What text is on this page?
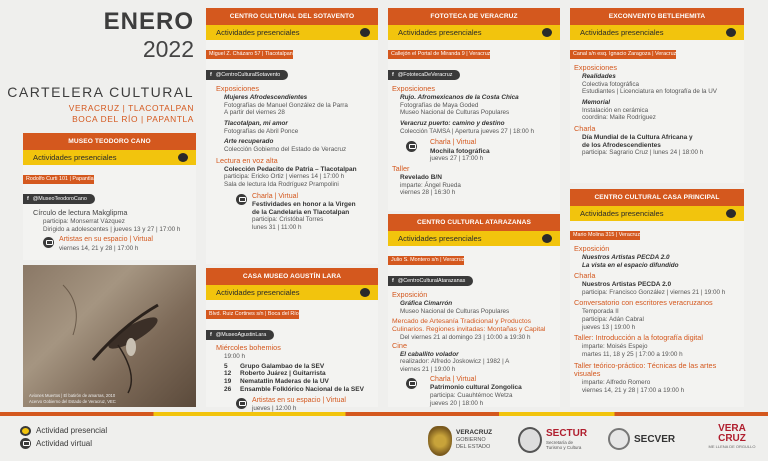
ENERO
2022
CARTELERA CULTURAL
VERACRUZ | TLACOTALPAN
BOCA DEL RÍO | PAPANTLA
MUSEO TEODORO CANO
Actividades presenciales
Rodolfo Curti 101 | Papantla
f @MuseoTeodoroCano
Círculo de lectura Makglipma
participa: Monserrat Vázquez
Dirigido a adolescentes | jueves 13 y 27 | 17:00 h
Artistas en su espacio | Virtual
viernes 14, 21 y 28 | 17:00 h
Aviones Muertos | El batirón de amarras, 2010
Acervo Gobierno del Estado de Veracruz, VEC
CENTRO CULTURAL DEL SOTAVENTO
Actividades presenciales
Miguel Z. Cházaro 57 | Tlacotalpan
f @CentroCulturalSotavento
Exposiciones
Mujeres Afrodescendientes
Fotografías de Manuel González de la Parra
A partir del viernes 28
Tlacotalpan, mi amor
Fotografías de Abril Ponce
Arte recuperado
Colección Gobierno del Estado de Veracruz
Lectura en voz alta
Colección Pedacito de Patria – Tlacotalpan
participa: Ericko Ortiz | viernes 14 | 17:00 h
Sala de lectura Ida Rodríguez Prampolini
Charla | Virtual
Festividades en honor a la Virgen
de la Candelaria en Tlacotalpan
participa: Cristóbal Torres
lunes 31 | 11:00 h
CASA MUSEO AGUSTÍN LARA
Actividades presenciales
Blvd. Ruiz Cortines s/n | Boca del Río
f @MuseoAgustinLara
Miércoles bohemios
19:00 h
5	Grupo Galambao de la SEV
12	Roberto Juárez | Guitarrista
19	Nematatlin Maderas de la UV
26	Ensamble Folklórico Nacional de la SEV
Artistas en su espacio | Virtual
jueves | 12:00 h
FOTOTECA DE VERACRUZ
Actividades presenciales
Callejón el Portal de Miranda 9 | Veracruz
f @FototecaDeVeracruz
Exposiciones
Rujo. Afromexicanos de la Costa Chica
Fotografías de Maya Goded
Museo Nacional de Culturas Populares
Veracruz puerto: camino y destino
Colección TAMSA | Apertura jueves 27 | 18:00 h
Charla | Virtual
Mochila fotográfica
jueves 27 | 17:00 h
Taller
Revelado B/N
imparte: Ángel Rueda
viernes 28 | 16:30 h
CENTRO CULTURAL ATARAZANAS
Actividades presenciales
Julio S. Montero s/n | Veracruz
f @CentroCulturalAtarazanas
Exposición
Gráfica Cimarrón
Museo Nacional de Culturas Populares
Mercado de Artesanía Tradicional y Productos
Culinarios. Regiones invitadas: Montañas y Capital
Del viernes 21 al domingo 23 | 10:00 a 19:30 h
Cine
El caballito volador
realizador: Alfredo Joskowicz | 1982 | A
viernes 21 | 19:00 h
Charla | Virtual
Patrimonio cultural Zongolica
participa: Cuauhtémoc Wetza
jueves 20 | 18:00 h
EXCONVENTO BETLEHEMITA
Actividades presenciales
Canal s/n esq. Ignacio Zaragoza | Veracruz
Exposiciones
Realidades
Colectiva fotográfica
Estudiantes | Licenciatura en fotografía de la UV
Memorial
Instalación en cerámica
coordina: Maite Rodríguez
Charla
Día Mundial de la Cultura Africana y
de los Afrodescendientes
participa: Sagrario Cruz | lunes 24 | 18:00 h
CENTRO CULTURAL CASA PRINCIPAL
Actividades presenciales
Mario Molina 315 | Veracruz
Exposición
Nuestros Artistas PECDA 2.0
La vista en el espacio difundido
Charla
Nuestros Artistas PECDA 2.0
participa: Francisco González | viernes 21 | 19:00 h
Conversatorio con escritores veracruzanos
Temporada II
participa: Adán Cabral
jueves 13 | 19:00 h
Taller: Introducción a la fotografía digital
imparte: Moisés Espejo
martes 11, 18 y 25 | 17:00 a 19:00 h
Taller teórico-práctico: Técnicas de las artes visuales
imparte: Alfredo Romero
viernes 14, 21 y 28 | 17:00 a 19:00 h
Actividad presencial
Actividad virtual
VERACRUZ
GOBIERNO
DEL ESTADO
SECTUR
Secretaría de
Turismo y Cultura
SECVER
VERA
CRUZ
ME LLENA DE ORGULLO
